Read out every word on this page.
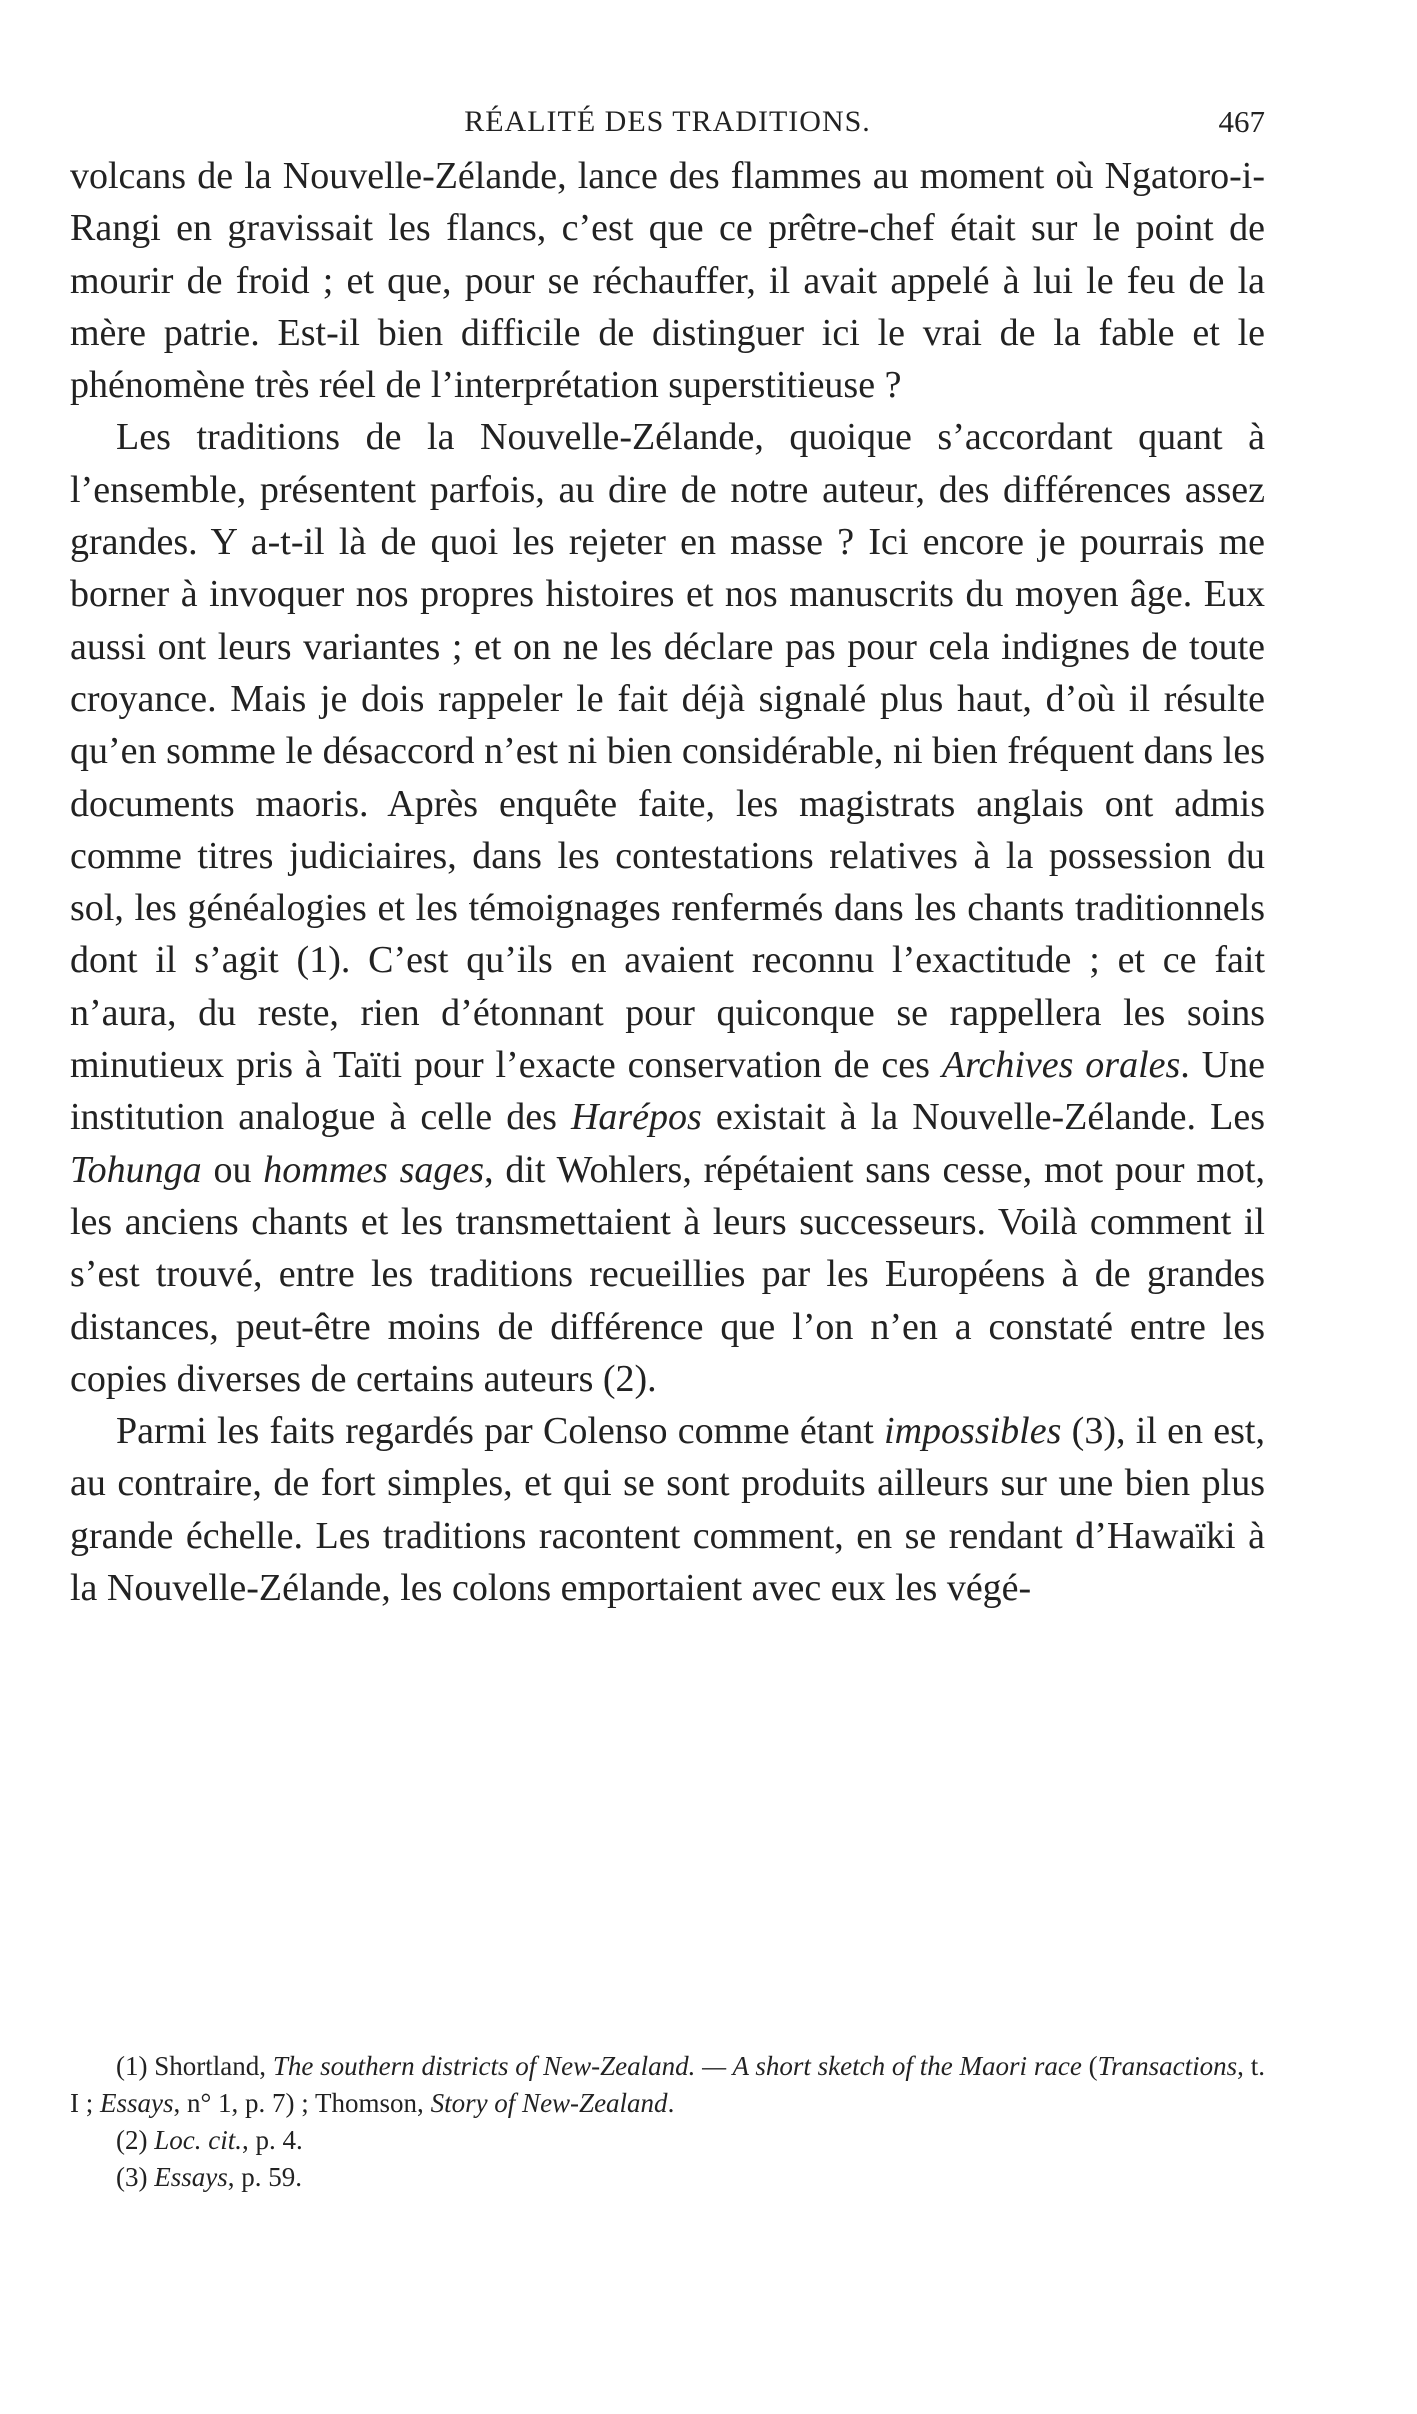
RÉALITÉ DES TRADITIONS.	467

volcans de la Nouvelle-Zélande, lance des flammes au moment où Ngatoro-i-Rangi en gravissait les flancs, c’est que ce prêtre-chef était sur le point de mourir de froid ; et que, pour se réchauffer, il avait appelé à lui le feu de la mère patrie. Est-il bien difficile de distinguer ici le vrai de la fable et le phénomène très réel de l’interprétation superstitieuse ?

Les traditions de la Nouvelle-Zélande, quoique s’accordant quant à l’ensemble, présentent parfois, au dire de notre auteur, des différences assez grandes. Y a-t-il là de quoi les rejeter en masse ? Ici encore je pourrais me borner à invoquer nos propres histoires et nos manuscrits du moyen âge. Eux aussi ont leurs variantes ; et on ne les déclare pas pour cela indignes de toute croyance. Mais je dois rappeler le fait déjà signalé plus haut, d’où il résulte qu’en somme le désaccord n’est ni bien considérable, ni bien fréquent dans les documents maoris. Après enquête faite, les magistrats anglais ont admis comme titres judiciaires, dans les contestations relatives à la possession du sol, les généalogies et les témoignages renfermés dans les chants traditionnels dont il s’agit (1). C’est qu’ils en avaient reconnu l’exactitude ; et ce fait n’aura, du reste, rien d’étonnant pour quiconque se rappellera les soins minutieux pris à Taïti pour l’exacte conservation de ces Archives orales. Une institution analogue à celle des Harépos existait à la Nouvelle-Zélande. Les Tohunga ou hommes sages, dit Wohlers, répétaient sans cesse, mot pour mot, les anciens chants et les transmettaient à leurs successeurs. Voilà comment il s’est trouvé, entre les traditions recueillies par les Européens à de grandes distances, peut-être moins de différence que l’on n’en a constaté entre les copies diverses de certains auteurs (2).

Parmi les faits regardés par Colenso comme étant impossibles (3), il en est, au contraire, de fort simples, et qui se sont produits ailleurs sur une bien plus grande échelle. Les traditions racontent comment, en se rendant d’Hawaïki à la Nouvelle-Zélande, les colons emportaient avec eux les végé-

(1) Shortland, The southern districts of New-Zealand. — A short sketch of the Maori race (Transactions, t. I ; Essays, n° 1, p. 7) ; Thomson, Story of New-Zealand.

(2) Loc. cit., p. 4.

(3) Essays, p. 59.
